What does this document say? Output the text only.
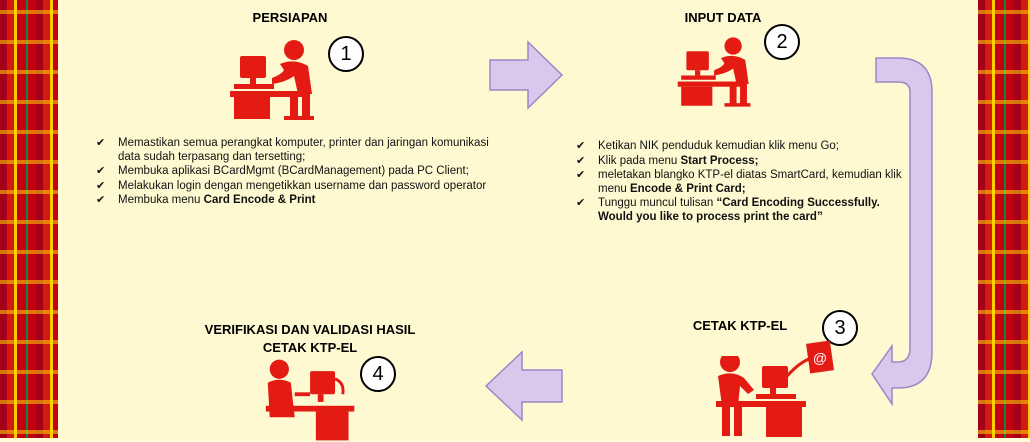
PERSIAPAN
1
✔ Memastikan semua perangkat komputer, printer dan jaringan komunikasi data sudah terpasang dan tersetting;
✔ Membuka aplikasi BCardMgmt (BCardManagement) pada PC Client;
✔ Melakukan login dengan mengetikkan username dan password operator
✔ Membuka menu Card Encode & Print
INPUT DATA
2
✔ Ketikan NIK penduduk kemudian klik menu Go;
✔ Klik pada menu Start Process;
✔ meletakan blangko KTP-el diatas SmartCard, kemudian klik menu Encode & Print Card;
✔ Tunggu muncul tulisan “Card Encoding Successfully. Would you like to process print the card”
CETAK KTP-EL	3
@
VERIFIKASI DAN VALIDASI HASIL
CETAK KTP-EL
4
